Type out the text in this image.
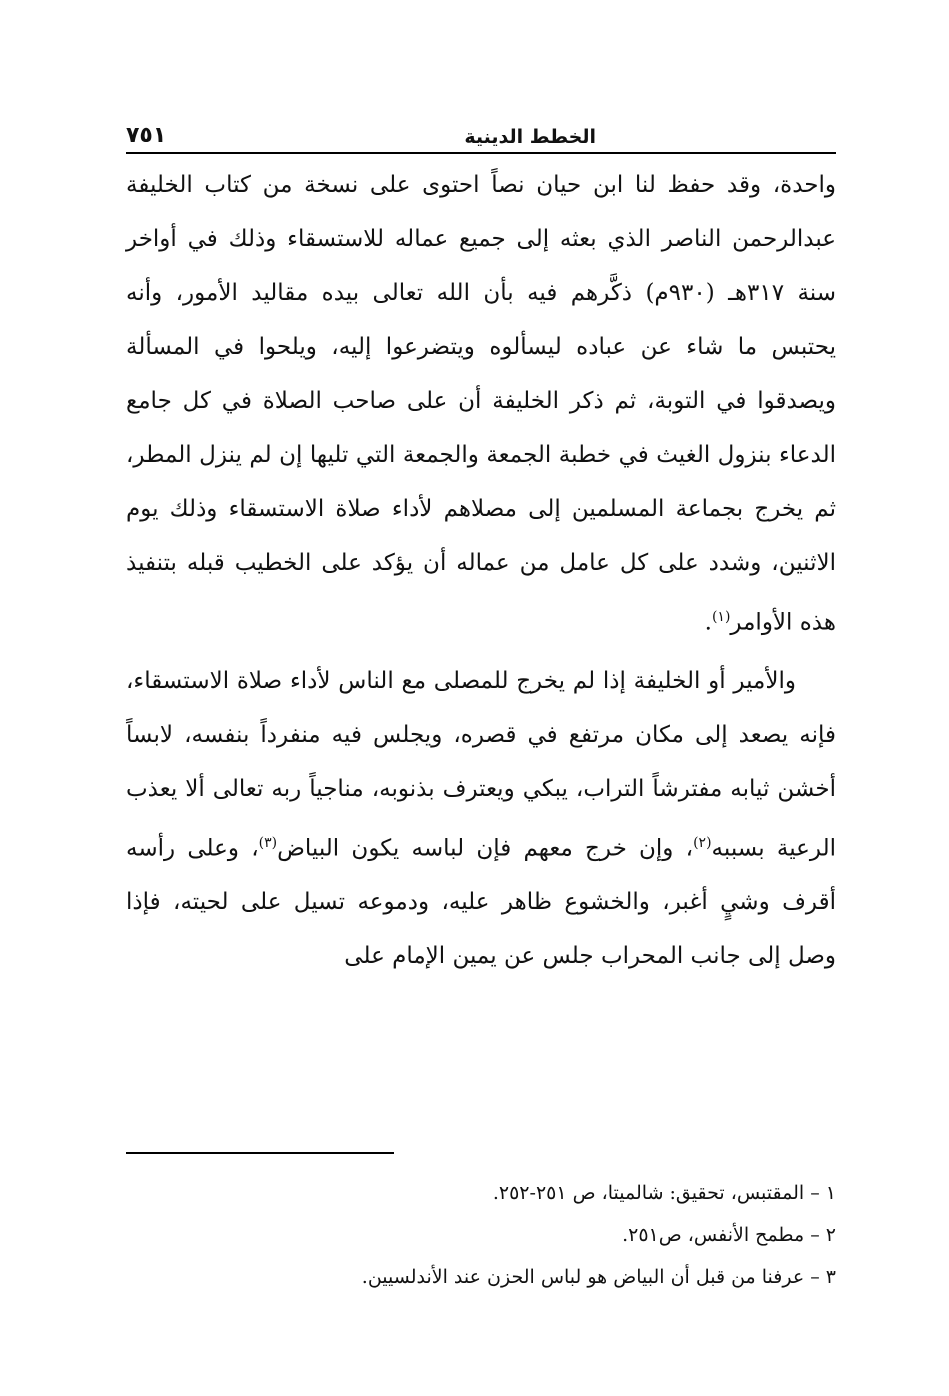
الخطط الدينية
٧٥١

واحدة، وقد حفظ لنا ابن حيان نصاً احتوى على نسخة من كتاب الخليفة عبدالرحمن الناصر الذي بعثه إلى جميع عماله للاستسقاء وذلك في أواخر سنة ٣١٧هـ (٩٣٠م) ذكَّرهم فيه بأن الله تعالى بيده مقاليد الأمور، وأنه يحتبس ما شاء عن عباده ليسألوه ويتضرعوا إليه، ويلحوا في المسألة ويصدقوا في التوبة، ثم ذكر الخليفة أن على صاحب الصلاة في كل جامع الدعاء بنزول الغيث في خطبة الجمعة والجمعة التي تليها إن لم ينزل المطر، ثم يخرج بجماعة المسلمين إلى مصلاهم لأداء صلاة الاستسقاء وذلك يوم الاثنين، وشدد على كل عامل من عماله أن يؤكد على الخطيب قبله بتنفيذ هذه الأوامر$^{(١)}$.

والأمير أو الخليفة إذا لم يخرج للمصلى مع الناس لأداء صلاة الاستسقاء، فإنه يصعد إلى مكان مرتفع في قصره، ويجلس فيه منفرداً بنفسه، لابساً أخشن ثيابه مفترشاً التراب، يبكي ويعترف بذنوبه، مناجياً ربه تعالى ألا يعذب الرعية بسببه$^{(٢)}$، وإن خرج معهم فإن لباسه يكون البياض$^{(٣)}$، وعلى رأسه أقرف وشيٍ أغبر، والخشوع ظاهر عليه، ودموعه تسيل على لحيته، فإذا وصل إلى جانب المحراب جلس عن يمين الإمام على

١ – المقتبس، تحقيق: شالميتا، ص ٢٥١-٢٥٢.
٢ – مطمح الأنفس، ص٢٥١.
٣ – عرفنا من قبل أن البياض هو لباس الحزن عند الأندلسيين.
